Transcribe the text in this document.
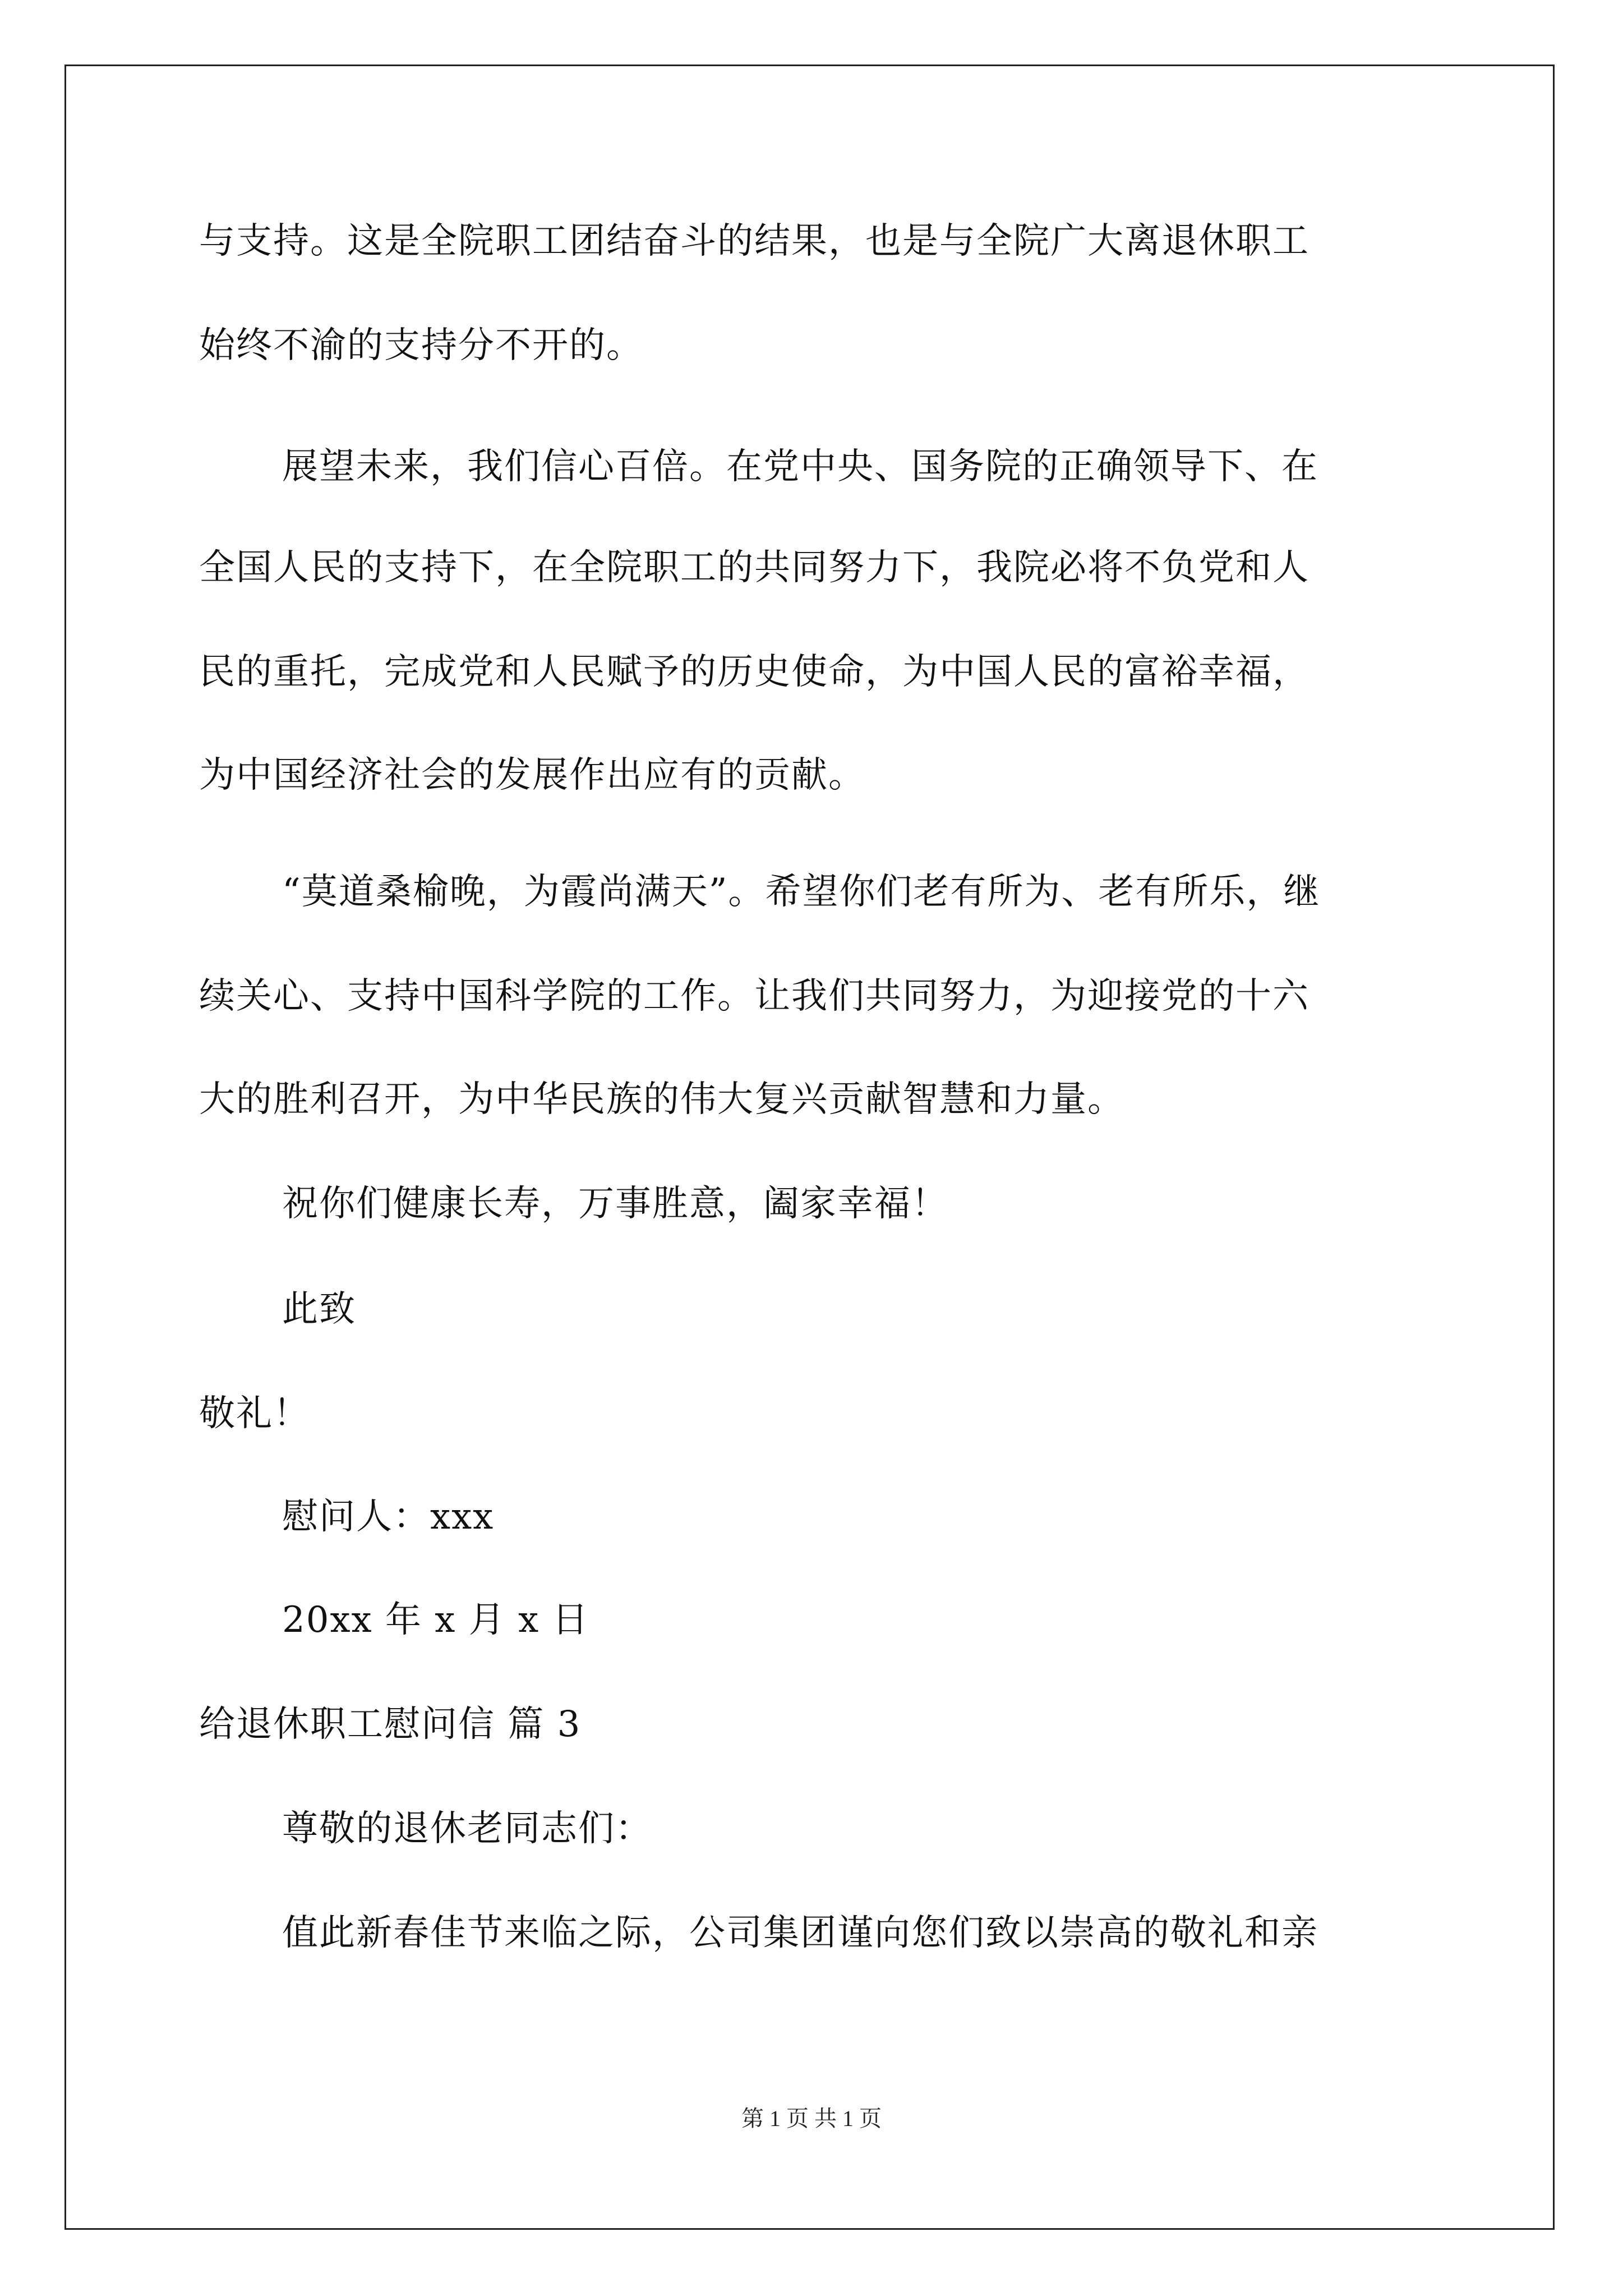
与支持。这是全院职工团结奋斗的结果，也是与全院广大离退休职工
始终不渝的支持分不开的。
展望未来，我们信心百倍。在党中央、国务院的正确领导下、在
全国人民的支持下，在全院职工的共同努力下，我院必将不负党和人
民的重托，完成党和人民赋予的历史使命，为中国人民的富裕幸福，
为中国经济社会的发展作出应有的贡献。
“莫道桑榆晚，为霞尚满天”。希望你们老有所为、老有所乐，继
续关心、支持中国科学院的工作。让我们共同努力，为迎接党的十六
大的胜利召开，为中华民族的伟大复兴贡献智慧和力量。
祝你们健康长寿，万事胜意，阖家幸福！
此致
敬礼！
慰问人：xxx
20xx 年 x 月 x 日
给退休职工慰问信 篇 3
尊敬的退休老同志们：
值此新春佳节来临之际，公司集团谨向您们致以崇高的敬礼和亲
第 1 页 共 1 页
